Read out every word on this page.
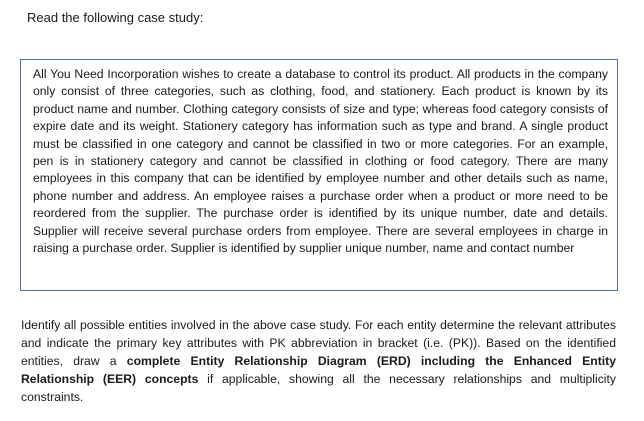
Read the following case study:

All You Need Incorporation wishes to create a database to control its product. All products in the company only consist of three categories, such as clothing, food, and stationery. Each product is known by its product name and number. Clothing category consists of size and type; whereas food category consists of expire date and its weight. Stationery category has information such as type and brand. A single product must be classified in one category and cannot be classified in two or more categories. For an example, pen is in stationery category and cannot be classified in clothing or food category. There are many employees in this company that can be identified by employee number and other details such as name, phone number and address. An employee raises a purchase order when a product or more need to be reordered from the supplier. The purchase order is identified by its unique number, date and details. Supplier will receive several purchase orders from employee. There are several employees in charge in raising a purchase order. Supplier is identified by supplier unique number, name and contact number

Identify all possible entities involved in the above case study. For each entity determine the relevant attributes and indicate the primary key attributes with PK abbreviation in bracket (i.e. (PK)). Based on the identified entities, draw a complete Entity Relationship Diagram (ERD) including the Enhanced Entity Relationship (EER) concepts if applicable, showing all the necessary relationships and multiplicity constraints.
